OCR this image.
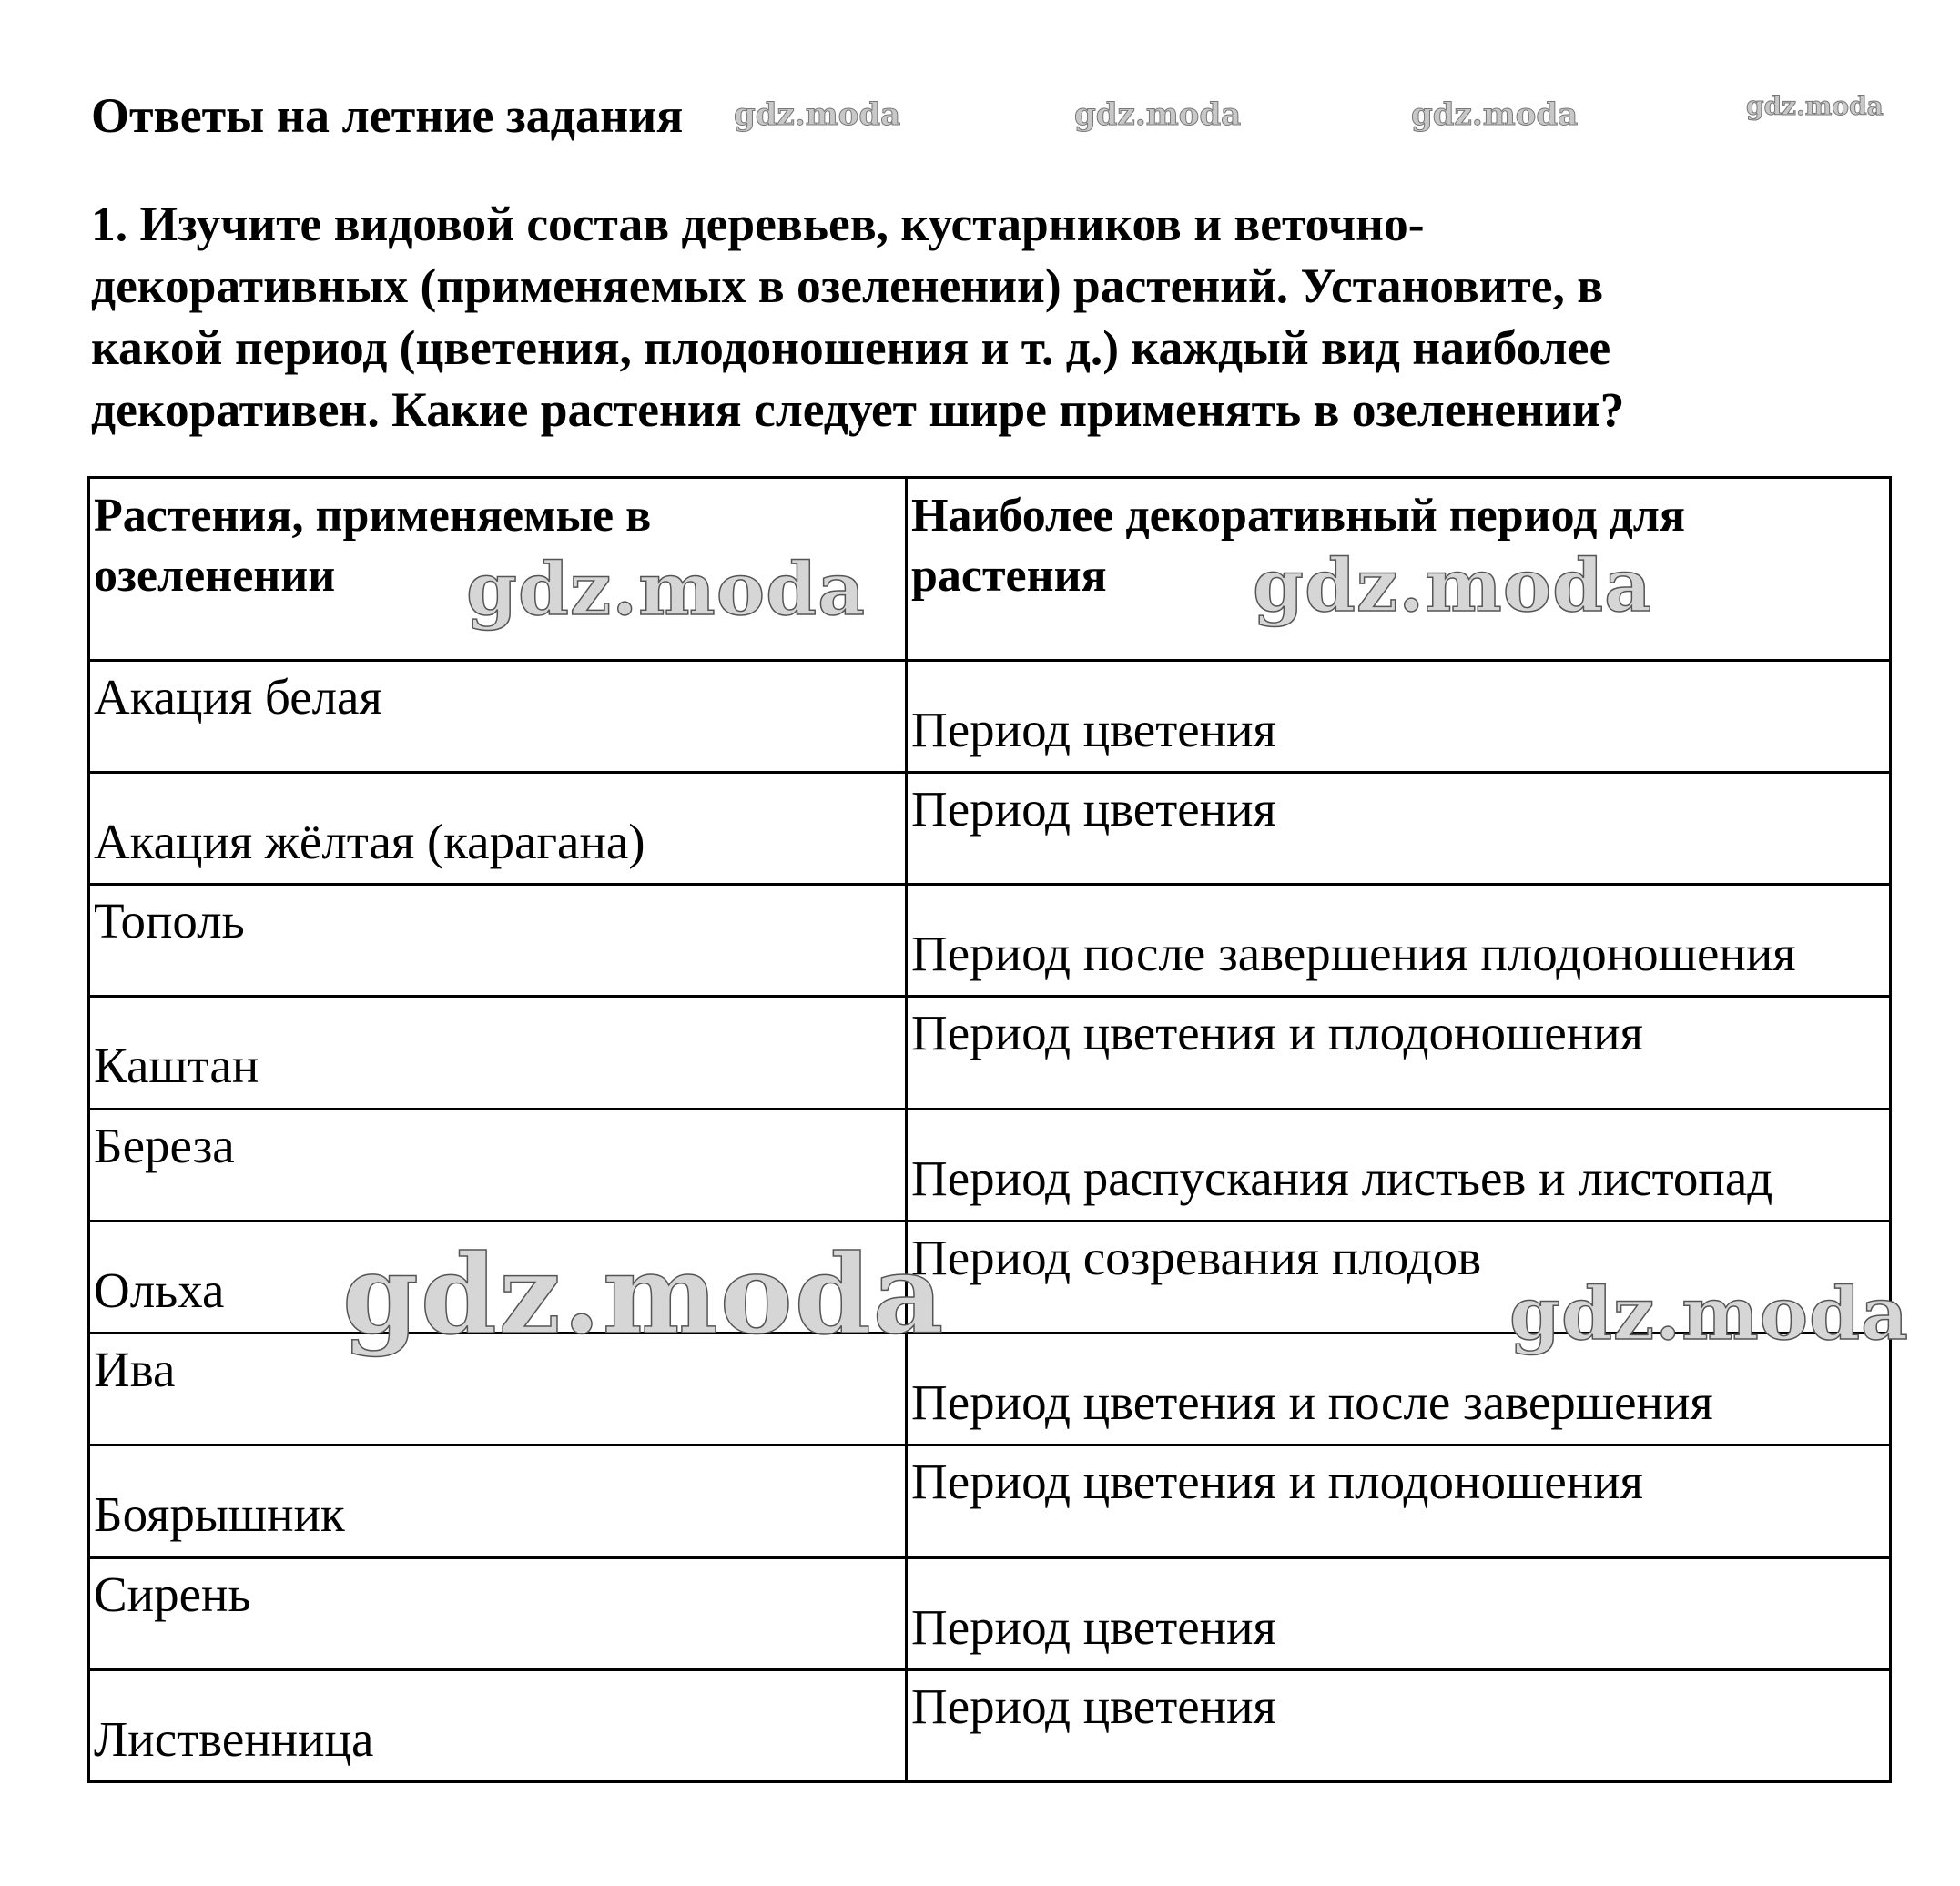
Ответы на летние задания gdz.moda	gdz.moda	gdz.moda	gdz.moda
1. Изучите видовой состав деревьев, кустарников и веточно-
декоративных (применяемых в озеленении) растений. Установите, в
какой период (цветения, плодоношения и т. д.) каждый вид наиболее
декоративен. Какие растения следует шире применять в озеленении?
Растения, применяемые в озеленении	Наиболее декоративный период для растения

Акация белая	Период цветения

Акация жёлтая (карагана)	Период цветения

Тополь	Период после завершения плодоношения

Каштан	Период цветения и плодоношения

Береза	Период распускания листьев и листопад

Ольха	Период созревания плодов

Ива	Период цветения и после завершения

Боярышник	Период цветения и плодоношения

Сирень	Период цветения

Лиственница	Период цветения
gdz.moda	gdz.moda
gdz.moda	gdz.moda
